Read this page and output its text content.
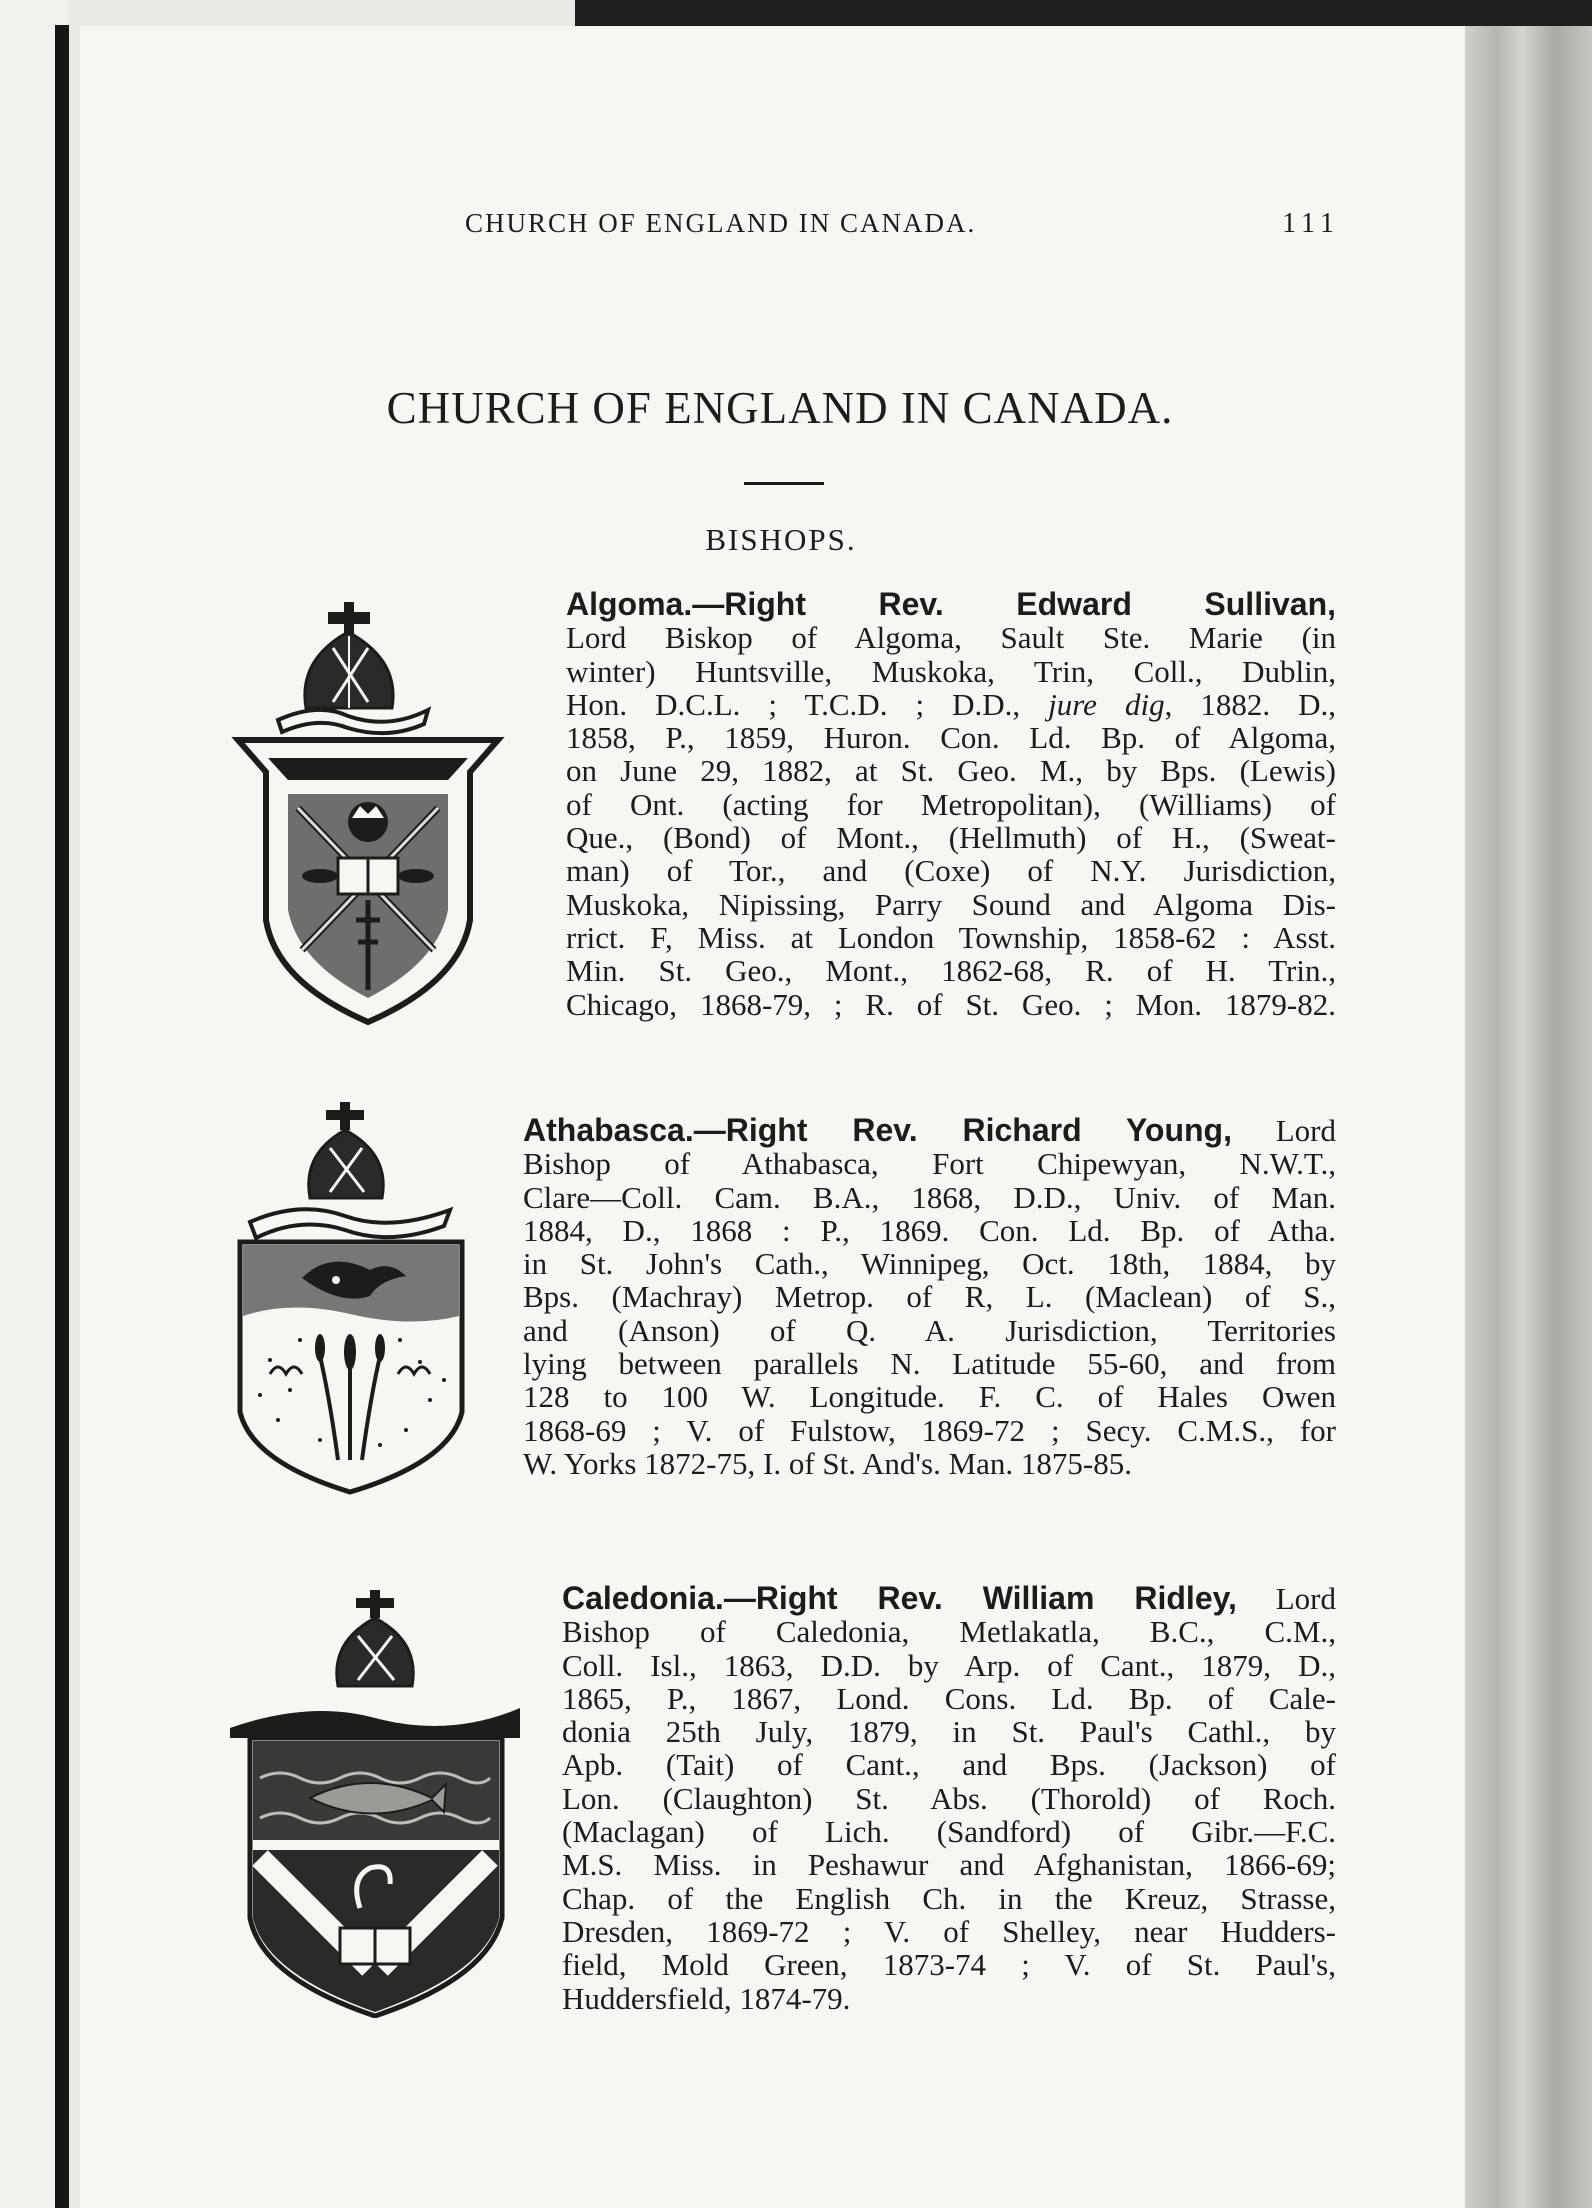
CHURCH OF ENGLAND IN CANADA.	111
CHURCH OF ENGLAND IN CANADA.
BISHOPS.
Algoma.—Right Rev. Edward Sullivan,
Lord Biskop of Algoma, Sault Ste. Marie (in
winter) Huntsville, Muskoka, Trin, Coll., Dublin,
Hon. D.C.L. ; T.C.D. ; D.D., jure dig, 1882. D.,
1858, P., 1859, Huron. Con. Ld. Bp. of Algoma,
on June 29, 1882, at St. Geo. M., by Bps. (Lewis)
of Ont. (acting for Metropolitan), (Williams) of
Que., (Bond) of Mont., (Hellmuth) of H., (Sweat-
man) of Tor., and (Coxe) of N.Y. Jurisdiction,
Muskoka, Nipissing, Parry Sound and Algoma Dis-
rrict. F, Miss. at London Township, 1858-62 : Asst.
Min. St. Geo., Mont., 1862-68, R. of H. Trin.,
Chicago, 1868-79, ; R. of St. Geo. ; Mon. 1879-82.
Athabasca.—Right Rev. Richard Young, Lord
Bishop of Athabasca, Fort Chipewyan, N.W.T.,
Clare—Coll. Cam. B.A., 1868, D.D., Univ. of Man.
1884, D., 1868 : P., 1869. Con. Ld. Bp. of Atha.
in St. John's Cath., Winnipeg, Oct. 18th, 1884, by
Bps. (Machray) Metrop. of R, L. (Maclean) of S.,
and (Anson) of Q. A. Jurisdiction, Territories
lying between parallels N. Latitude 55-60, and from
128 to 100 W. Longitude. F. C. of Hales Owen
1868-69 ; V. of Fulstow, 1869-72 ; Secy. C.M.S., for
W. Yorks 1872-75, I. of St. And's. Man. 1875-85.
Caledonia.—Right Rev. William Ridley, Lord
Bishop of Caledonia, Metlakatla, B.C., C.M.,
Coll. Isl., 1863, D.D. by Arp. of Cant., 1879, D.,
1865, P., 1867, Lond. Cons. Ld. Bp. of Cale-
donia 25th July, 1879, in St. Paul's Cathl., by
Apb. (Tait) of Cant., and Bps. (Jackson) of
Lon. (Claughton) St. Abs. (Thorold) of Roch.
(Maclagan) of Lich. (Sandford) of Gibr.—F.C.
M.S. Miss. in Peshawur and Afghanistan, 1866-69;
Chap. of the English Ch. in the Kreuz, Strasse,
Dresden, 1869-72 ; V. of Shelley, near Hudders-
field, Mold Green, 1873-74 ; V. of St. Paul's,
Huddersfield, 1874-79.
